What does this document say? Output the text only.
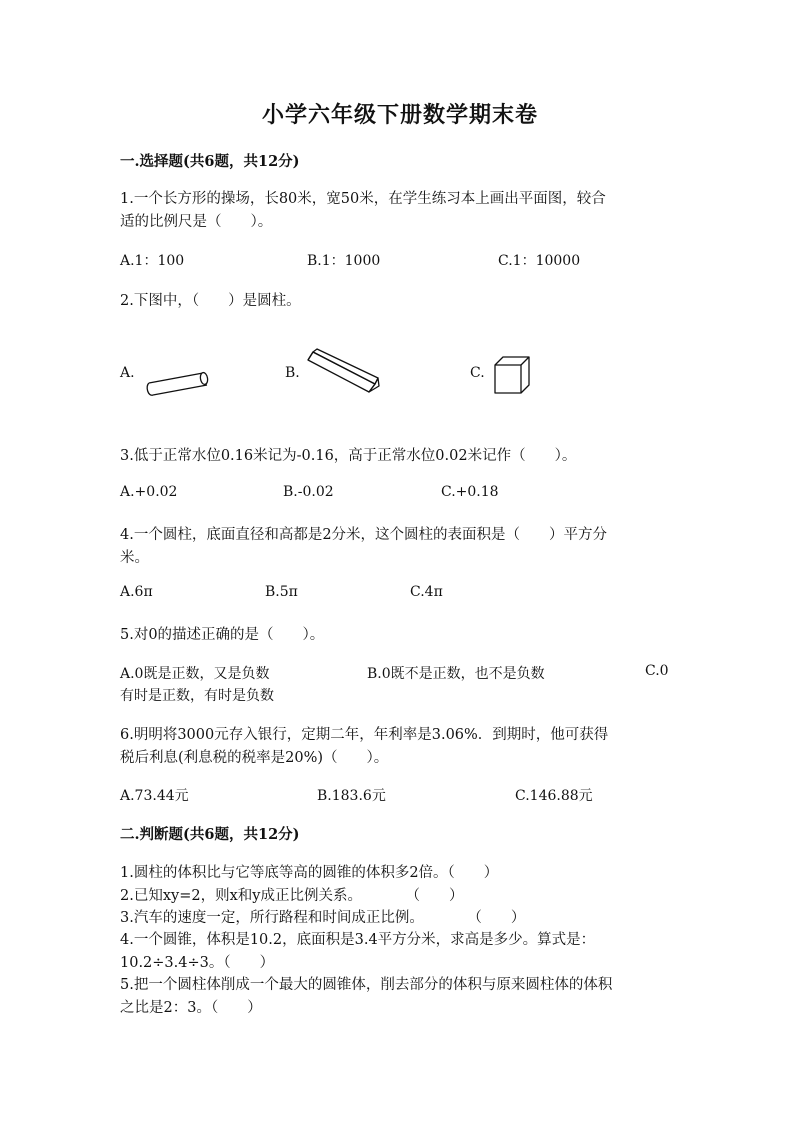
小学六年级下册数学期末卷
一.选择题(共6题，共12分)
1.一个长方形的操场，长80米，宽50米，在学生练习本上画出平面图，较合
适的比例尺是（　　）。
A.1：100	B.1：1000	C.1：10000
2.下图中，（　　）是圆柱。
A.	B.	C.
3.低于正常水位0.16米记为-0.16，高于正常水位0.02米记作（　　）。
A.+0.02	B.-0.02	C.+0.18
4.一个圆柱，底面直径和高都是2分米，这个圆柱的表面积是（　　）平方分
米。
A.6π	B.5π	C.4π
5.对0的描述正确的是（　　）。
A.0既是正数，又是负数	B.0既不是正数，也不是负数	C.0
有时是正数，有时是负数
6.明明将3000元存入银行，定期二年，年利率是3.06%．到期时，他可获得
税后利息(利息税的税率是20%)（　　）。
A.73.44元	B.183.6元	C.146.88元
二.判断题(共6题，共12分)
1.圆柱的体积比与它等底等高的圆锥的体积多2倍。（　　）
2.已知xy=2，则x和y成正比例关系。　　　　（　　）
3.汽车的速度一定，所行路程和时间成正比例。　　　　（　　）
4.一个圆锥，体积是10.2，底面积是3.4平方分米，求高是多少。算式是：
10.2÷3.4÷3。（　　）
5.把一个圆柱体削成一个最大的圆锥体，削去部分的体积与原来圆柱体的体积
之比是2：3。（　　）
